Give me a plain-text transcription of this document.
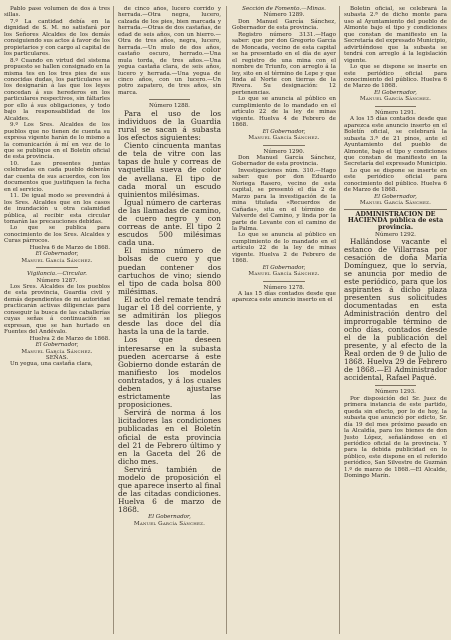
Pablo pase volumen de dos á tres sillas.

7.º La cantidad debía en la dignidad de S. M. no satisfará por los Señores Alcaldes de los demás consiguiendo sus actos á favor de los propietarios y con cargo al capital de los particulares.

8.º Cuando en virtud del sistema propuesto se hallen consignado en la misma tes en los tres pies de sus conocidas dudas, los particulares se los designarán á las que los leyes concedan á sus herederos en los particulares respectivos, sin fáltarles por ello á sus obligaciones, y todo bajo la responsabilidad de los Alcaldes.

9.º Los Sres. Alcaldes de los pueblos que no tienen de cuenta su expresa vigente harán de lo mismo a la comunicación á mí en vez de lo que se publique en el Boletín oficial de esta provincia.

10. Las presentes juntas celebradas en cada pueblo deberán dar cuenta de sus acuerdos, con los documentos que justifiquen la fecha en el servicio.

11. De igual modo se prevendrá á los Sres. Alcaldes que en los casos de inundación u otra calamidad pública, al recibir esta circular tomarán las precauciones debidas.

Lo que se publica para conocimiento de los Sres. Alcaldes y Curas párrocos.

Huelva 6 de Marzo de 1868.

El Gobernador,

Manuel García Sánchez.

Vigilancia.—Circular.

Número 1287.

Los Sres. Alcaldes de los pueblos de esta provincia, Guardia civil y demás dependientes de mi autoridad practicarán activas diligencias para conseguir la busca de las caballerías cuyas señas á continuación se expresan, que se han hurtado en Fuentes del Andévalo.

Huelva 2 de Marzo de 1868.

El Gobernador,

Manuel García Sánchez.

SEÑAS.

Un yegua, una castaña clara,

de cinco años, lucero corrido y herrada.—Otra negra, lucero, calzada de los pies, bien marcada y herrada.—Otras de dos castañas, de edad de seis años, con un hierro.—Otra de tres años, negra, lucero, herrada.—Un mulo de dos años, castaño oscuro, herrado.—Una mula torda, de tres años.—Una yegua castaña clara, de seis años, lucero y herrada.—Una yegua de cinco años, con un lucero.—Un potro zapatero, de tres años, sin marca.

Número 1288.

Para el uso de los individuos de la Guardia rural se sacan á subasta los efectos siguientes:

Ciento cincuenta mantas de tela de vitre con las tapas de hule y correas de vaquetilla sueva de color de avellana. El tipo de cada moral un escudo quinientos milésimas.

Igual número de carteras de las llamadas de camino, de cuero negro y con correas de ante. El tipo 2 escudos 500 milésimas cada una.

El mismo número de bolsas de cuero y que puedan contener dos cartuchos de vino; siendo el tipo de cada bolsa 800 milésimas.

El acto del remate tendrá lugar el 18 del corriente, y se admitirán los pliegos desde las doce del día hasta la una de la tarde.

Los que deseen interesarse en la subasta pueden acercarse á este Gobierno donde estarán de manifiesto los modelos contratados, y á los cuales deben ajustarse estrictamente las proposiciones.

Servirá de norma á los licitadores las condiciones publicadas en el Boletín oficial de esta provincia del 21 de Febrero último y en la Gaceta del 26 de dicho mes.

Servirá también de modelo de proposición el que aparece inserto al final de las citadas condiciones. Huelva 6 de marzo de 1868.

El Gobernador,

Manuel García Sánchez.

Sección de Fomento.—Minas.

Número 1289.

Don Manuel García Sánchez, Gobernador de esta provincia.

Registro número 3131.—Hago saber: que por don Gregorio García de Moncada, vecino de esta capital se ha presentado en el día de ayer el registro de una mina con el nombre de Triunfo, con arreglo á la ley, sito en el término de Lepe y que linda al Norte con tierras de la Rivera. Su designación: 12 pertenencias.

Lo que se anuncia al público en cumplimiento de lo mandado en el artículo 22 de la ley de minas vigente. Huelva 4 de Febrero de 1868.

El Gobernador,

Manuel García Sánchez.

Número 1290.

Don Manuel García Sánchez, Gobernador de esta provincia.

Investigaciones núm. 310.—Hago saber: que por don Eduardo Noriega Rasero, vecino de esta capital, se presentó el día 2 de Marzo para la investigación de la mina titulada «Recuerdos de Cañada», sita en el término de Valverde del Camino, y linda por la parte de Levante con el camino de la Palma.

Lo que se anuncia al público en cumplimiento de lo mandado en el artículo 22 de la ley de minas vigente. Huelva 2 de Febrero de 1868.

El Gobernador,

Manuel García Sánchez.

Número 1278.

A las 15 días contados desde que aparezca este anuncio inserto en el

Boletín oficial, se celebrará la subasta 2.ª de dicho monte para uso al Ayuntamiento del pueblo de Almonte bajo el tipo y condiciones que constan de manifiesto en la Secretaría del expresado Municipio, advirtiéndose que la subasta se tendrá con arreglo á la legislación vigente.

Lo que se dispone se inserte en este periódico oficial para conocimiento del público. Huelva 6 de Marzo de 1868.

El Gobernador,

Manuel García Sánchez.

Número 1291.

A los 15 días contados desde que aparezca este anuncio inserto en el Boletín oficial, se celebrará la subasta 3.ª de 21 pinos, ante el Ayuntamiento del pueblo de Almonte, bajo el tipo y condiciones que constan de manifiesto en la Secretaría del expresado Municipio.

Lo que se dispone se inserte en este periódico oficial para conocimiento del público. Huelva 6 de Marzo de 1868.

El Gobernador,

Manuel García Sánchez.

ADMINISTRACION DE HACIENDA pública de esta provincia.

Número 1292.

Hallándose vacante el estanco de Villarrasa por cesación de doña María Domínguez, que lo servía, se anuncia por medio de este periódico, para que los aspirantes á dicho plaza presenten sus solicitudes documentadas en esta Administración dentro del improrrogable término de ocho días, contados desde el de la publicación del presente, y al efecto de la Real orden de 9 de Julio de 1868. Huelva 29 de Febrero de 1868.—El Administrador accidental, Rafael Paqué.

Número 1293.

Por disposición del Sr. Juez de primera instancia de este partido, queda sin efecto, por lo de hoy, la subasta que anunció por edicto, Sr. día 19 del mes próximo pasado en la Alcaldía, para los bienes de don Justo López, señalándose en el periódico oficial de la provincia. Y para la debida publicidad en lo público, este dispone en el referido periódico, San Silvestre de Guzmán 1.º de marzo de 1868.—El Alcalde, Domingo Marín.
